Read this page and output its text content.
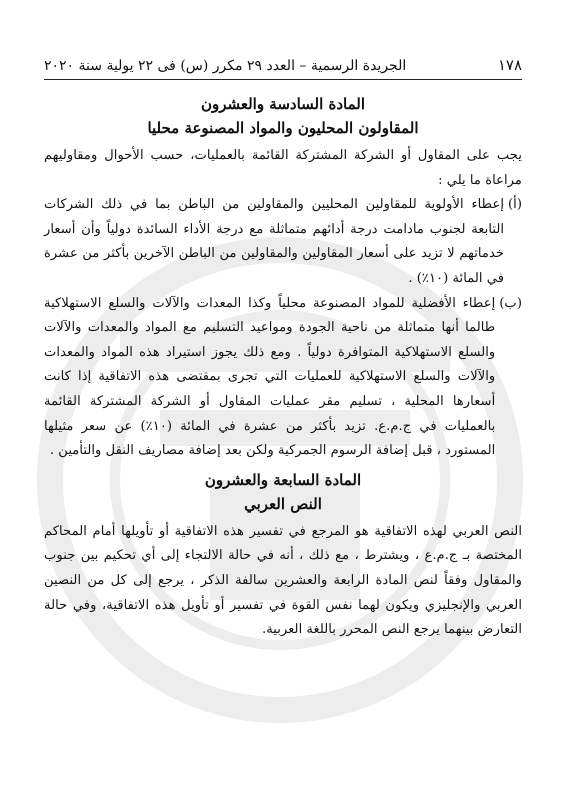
١٧٨
الجريدة الرسمية – العدد ٢٩ مكرر (س) فى ٢٢ يولية سنة ٢٠٢٠
المادة السادسة والعشرون
المقاولون المحليون والمواد المصنوعة محليا

يجب على المقاول أو الشركة المشتركة القائمة بالعمليات، حسب الأحوال ومقاوليهم مراعاة ما يلي :

(أ)

إعطاء الأولوية للمقاولين المحليين والمقاولين من الباطن بما في ذلك الشركات التابعة لجنوب مادامت درجة أدائهم متماثلة مع درجة الأداء السائدة دولياً وأن أسعار خدماتهم لا تزيد على أسعار المقاولين والمقاولين من الباطن الآخرين بأكثر من عشرة في المائة (١٠٪) .

(ب)

إعطاء الأفضلية للمواد المصنوعة محلياً وكذا المعدات والآلات والسلع الاستهلاكية طالما أنها متماثلة من ناحية الجودة ومواعيد التسليم مع المواد والمعدات والآلات والسلع الاستهلاكية المتوافرة دولياً . ومع ذلك يجوز استيراد هذه المواد والمعدات والآلات والسلع الاستهلاكية للعمليات التي تجرى بمقتضى هذه الاتفاقية إذا كانت أسعارها المحلية ، تسليم مقر عمليات المقاول أو الشركة المشتركة القائمة بالعمليات في ج.م.ع. تزيد بأكثر من عشرة في المائة (١٠٪) عن سعر مثيلها المستورد ، قبل إضافة الرسوم الجمركية ولكن بعد إضافة مصاريف النقل والتأمين .

المادة السابعة والعشرون
النص العربي

النص العربي لهذه الاتفاقية هو المرجع في تفسير هذه الاتفاقية أو تأويلها أمام المحاكم المختصة بـ ج.م.ع ، ويشترط ، مع ذلك ، أنه في حالة الالتجاء إلى أي تحكيم بين جنوب والمقاول وفقاً لنص المادة الرابعة والعشرين سالفة الذكر ، يرجع إلى كل من النصين العربي والإنجليزي ويكون لهما نفس القوة في تفسير أو تأويل هذه الاتفاقية، وفي حالة التعارض بينهما يرجع النص المحرر باللغة العربية.
